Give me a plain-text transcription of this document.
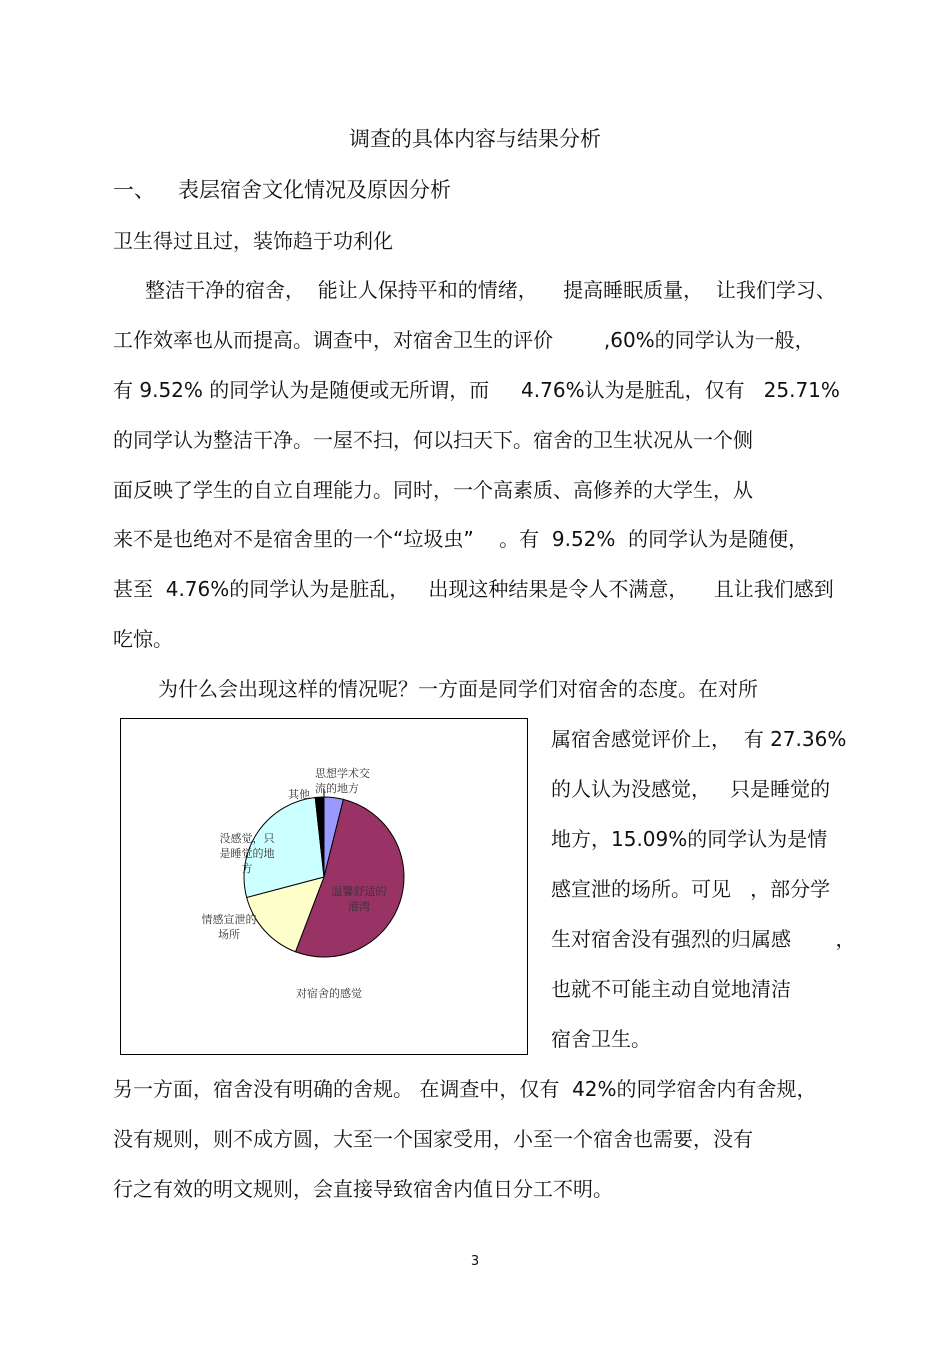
调查的具体内容与结果分析
一、 表层宿舍文化情况及原因分析
卫生得过且过，装饰趋于功利化
整洁干净的宿舍，  能让人保持平和的情绪，    提高睡眠质量，  让我们学习、
工作效率也从而提高。调查中，对宿舍卫生的评价        ,60%的同学认为一般，
有 9.52% 的同学认为是随便或无所谓，而     4.76%认为是脏乱，仅有   25.71%
的同学认为整洁干净。一屋不扫，何以扫天下。宿舍的卫生状况从一个侧
面反映了学生的自立自理能力。同时，一个高素质、高修养的大学生，从
来不是也绝对不是宿舍里的一个“垃圾虫”    。有  9.52%  的同学认为是随便，
甚至  4.76%的同学认为是脏乱，   出现这种结果是令人不满意，    且让我们感到
吃惊。
为什么会出现这样的情况呢？一方面是同学们对宿舍的态度。在对所
思想学术交流的地方
温馨舒适的港湾
情感宣泄的场所
没感觉，只是睡觉的地方
其他
对宿舍的感觉
属宿舍感觉评价上，  有 27.36%
的人认为没感觉，   只是睡觉的
地方，15.09%的同学认为是情
感宣泄的场所。可见   ，部分学
生对宿舍没有强烈的归属感       ，
也就不可能主动自觉地清洁
宿舍卫生。
另一方面，宿舍没有明确的舍规。 在调查中，仅有  42%的同学宿舍内有舍规，
没有规则，则不成方圆，大至一个国家受用，小至一个宿舍也需要，没有
行之有效的明文规则，会直接导致宿舍内值日分工不明。
3
